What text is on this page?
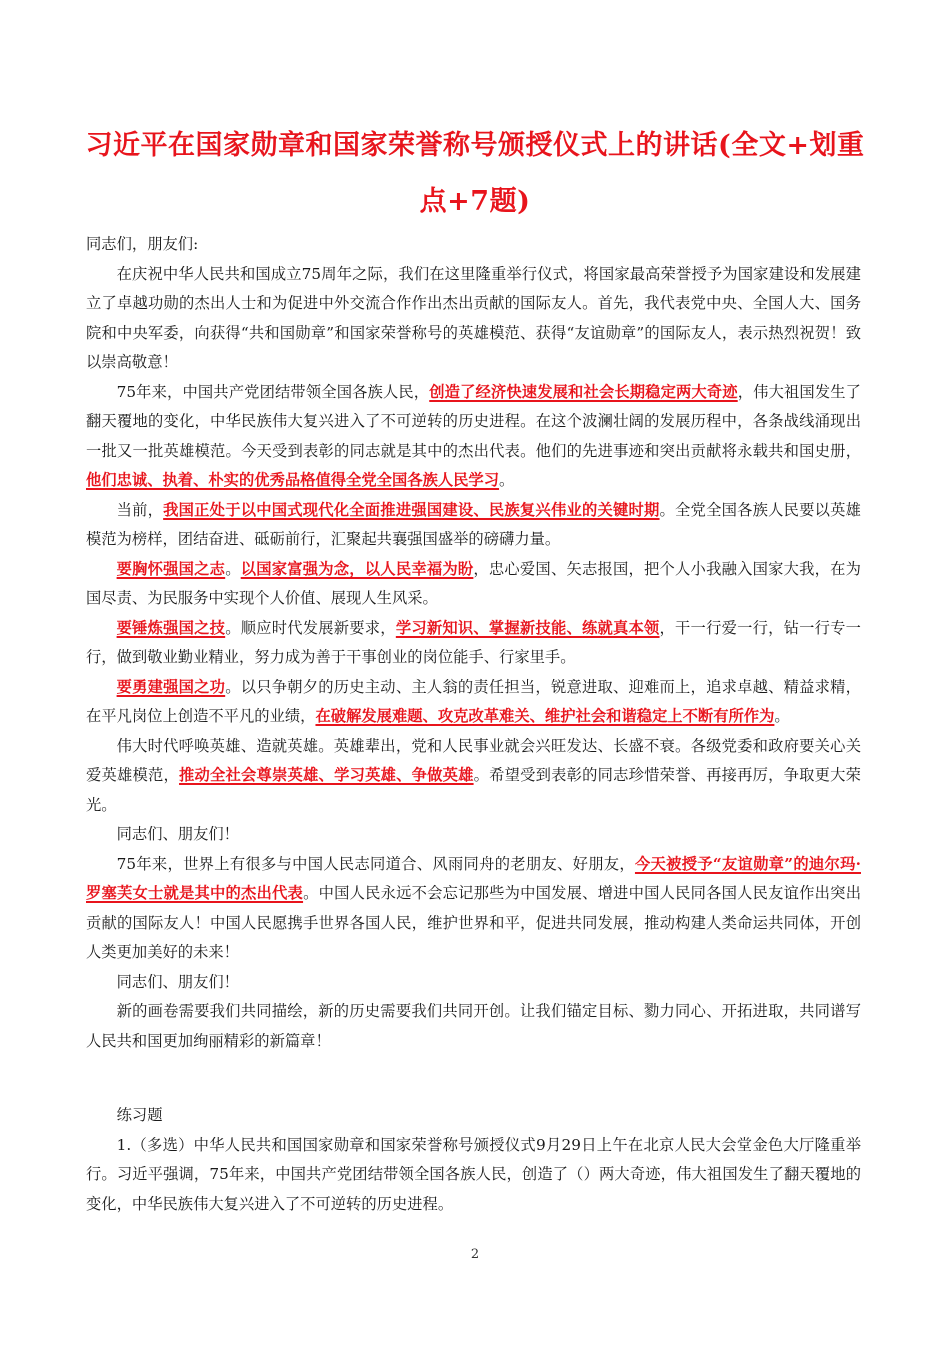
习近平在国家勋章和国家荣誉称号颁授仪式上的讲话(全文+划重点+7题)

同志们，朋友们:

在庆祝中华人民共和国成立75周年之际，我们在这里隆重举行仪式，将国家最高荣誉授予为国家建设和发展建立了卓越功勋的杰出人士和为促进中外交流合作作出杰出贡献的国际友人。首先，我代表党中央、全国人大、国务院和中央军委，向获得“共和国勋章”和国家荣誉称号的英雄模范、获得“友谊勋章”的国际友人，表示热烈祝贺！致以崇高敬意！

75年来，中国共产党团结带领全国各族人民，创造了经济快速发展和社会长期稳定两大奇迹，伟大祖国发生了翻天覆地的变化，中华民族伟大复兴进入了不可逆转的历史进程。在这个波澜壮阔的发展历程中，各条战线涌现出一批又一批英雄模范。今天受到表彰的同志就是其中的杰出代表。他们的先进事迹和突出贡献将永载共和国史册，他们忠诚、执着、朴实的优秀品格值得全党全国各族人民学习。

当前，我国正处于以中国式现代化全面推进强国建设、民族复兴伟业的关键时期。全党全国各族人民要以英雄模范为榜样，团结奋进、砥砺前行，汇聚起共襄强国盛举的磅礴力量。

要胸怀强国之志。以国家富强为念，以人民幸福为盼，忠心爱国、矢志报国，把个人小我融入国家大我，在为国尽责、为民服务中实现个人价值、展现人生风采。

要锤炼强国之技。顺应时代发展新要求，学习新知识、掌握新技能、练就真本领，干一行爱一行，钻一行专一行，做到敬业勤业精业，努力成为善于干事创业的岗位能手、行家里手。

要勇建强国之功。以只争朝夕的历史主动、主人翁的责任担当，锐意进取、迎难而上，追求卓越、精益求精，在平凡岗位上创造不平凡的业绩，在破解发展难题、攻克改革难关、维护社会和谐稳定上不断有所作为。

伟大时代呼唤英雄、造就英雄。英雄辈出，党和人民事业就会兴旺发达、长盛不衰。各级党委和政府要关心关爱英雄模范，推动全社会尊崇英雄、学习英雄、争做英雄。希望受到表彰的同志珍惜荣誉、再接再厉，争取更大荣光。

同志们、朋友们！

75年来，世界上有很多与中国人民志同道合、风雨同舟的老朋友、好朋友，今天被授予“友谊勋章”的迪尔玛·罗塞芙女士就是其中的杰出代表。中国人民永远不会忘记那些为中国发展、增进中国人民同各国人民友谊作出突出贡献的国际友人！中国人民愿携手世界各国人民，维护世界和平，促进共同发展，推动构建人类命运共同体，开创人类更加美好的未来！

同志们、朋友们！

新的画卷需要我们共同描绘，新的历史需要我们共同开创。让我们锚定目标、勠力同心、开拓进取，共同谱写人民共和国更加绚丽精彩的新篇章！

练习题

1.（多选）中华人民共和国国家勋章和国家荣誉称号颁授仪式9月29日上午在北京人民大会堂金色大厅隆重举行。习近平强调，75年来，中国共产党团结带领全国各族人民，创造了（）两大奇迹，伟大祖国发生了翻天覆地的变化，中华民族伟大复兴进入了不可逆转的历史进程。

2
